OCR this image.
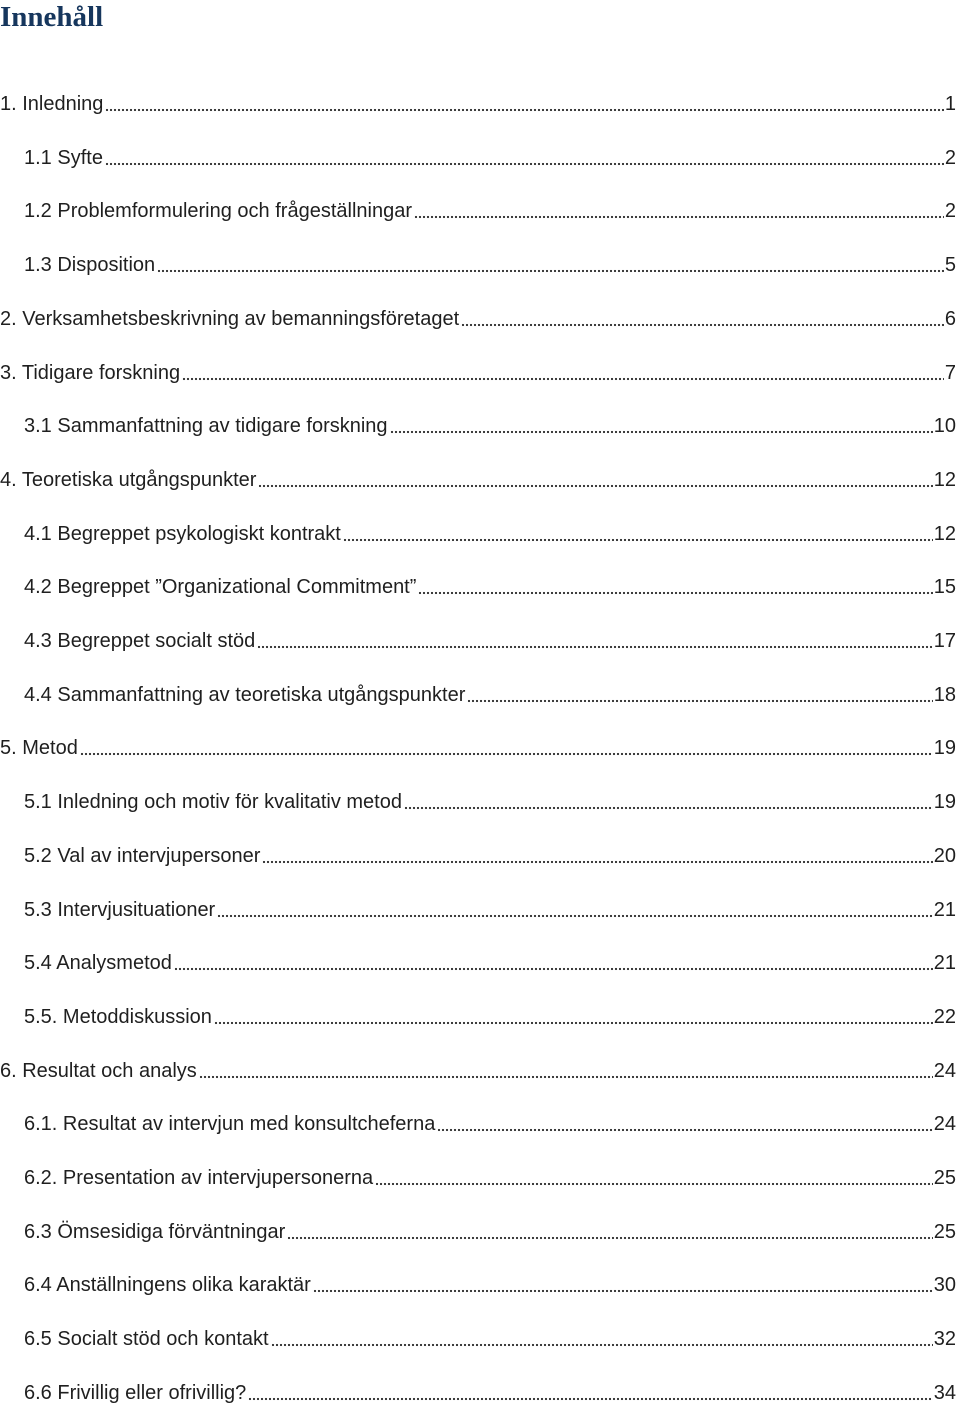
Innehåll
1. Inledning	1
1.1 Syfte	2
1.2 Problemformulering och frågeställningar	2
1.3 Disposition	5
2. Verksamhetsbeskrivning av bemanningsföretaget	6
3. Tidigare forskning	7
3.1 Sammanfattning av tidigare forskning	10
4. Teoretiska utgångspunkter	12
4.1 Begreppet psykologiskt kontrakt	12
4.2 Begreppet ”Organizational Commitment”	15
4.3 Begreppet socialt stöd	17
4.4 Sammanfattning av teoretiska utgångspunkter	18
5. Metod	19
5.1 Inledning och motiv för kvalitativ metod	19
5.2 Val av intervjupersoner	20
5.3 Intervjusituationer	21
5.4 Analysmetod	21
5.5. Metoddiskussion	22
6. Resultat och analys	24
6.1. Resultat av intervjun med konsultcheferna	24
6.2. Presentation av intervjupersonerna	25
6.3 Ömsesidiga förväntningar	25
6.4 Anställningens olika karaktär	30
6.5 Socialt stöd och kontakt	32
6.6 Frivillig eller ofrivillig?	34
